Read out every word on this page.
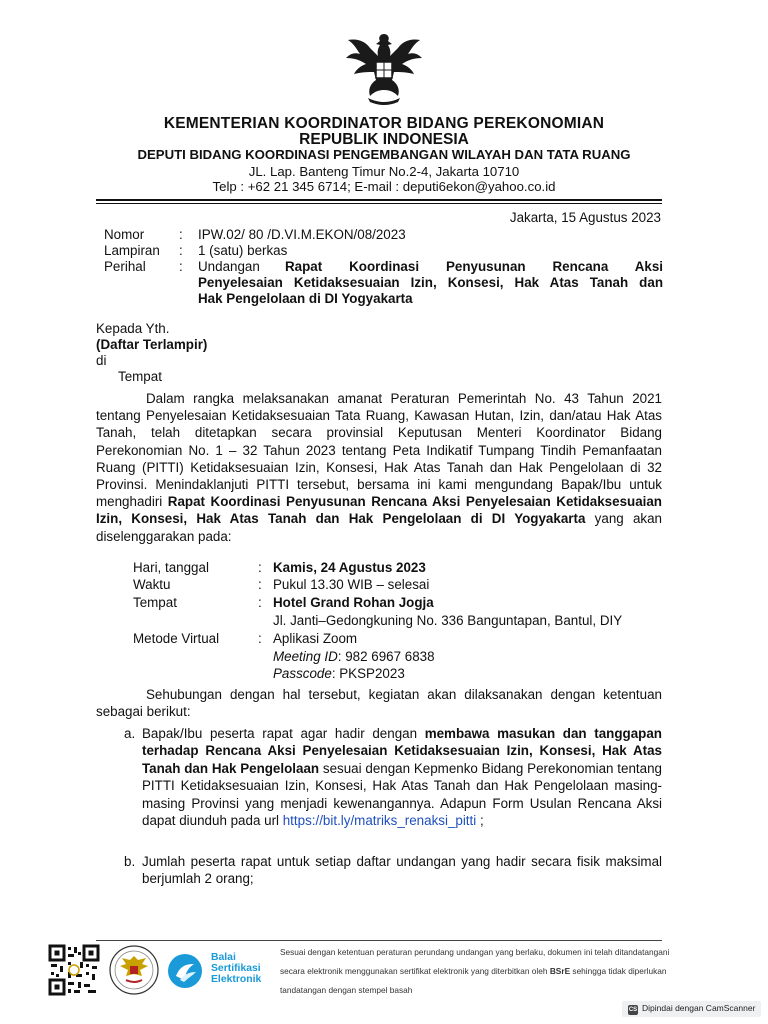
KEMENTERIAN KOORDINATOR BIDANG PEREKONOMIAN
REPUBLIK INDONESIA
DEPUTI BIDANG KOORDINASI PENGEMBANGAN WILAYAH DAN TATA RUANG
JL. Lap. Banteng Timur No.2-4, Jakarta 10710
Telp : +62 21 345 6714; E-mail : deputi6ekon@yahoo.co.id
Jakarta, 15 Agustus 2023
Nomor	: IPW.02/ 80 /D.VI.M.EKON/08/2023
Lampiran	: 1 (satu) berkas
Perihal	: Undangan Rapat Koordinasi Penyusunan Rencana Aksi
Penyelesaian Ketidaksesuaian Izin, Konsesi, Hak Atas Tanah dan
Hak Pengelolaan di DI Yogyakarta
Kepada Yth.
(Daftar Terlampir)
di
Tempat

Dalam rangka melaksanakan amanat Peraturan Pemerintah No. 43 Tahun 2021 tentang Penyelesaian Ketidaksesuaian Tata Ruang, Kawasan Hutan, Izin, dan/atau Hak Atas Tanah, telah ditetapkan secara provinsial Keputusan Menteri Koordinator Bidang Perekonomian No. 1 – 32 Tahun 2023 tentang Peta Indikatif Tumpang Tindih Pemanfaatan Ruang (PITTI) Ketidaksesuaian Izin, Konsesi, Hak Atas Tanah dan Hak Pengelolaan di 32 Provinsi. Menindaklanjuti PITTI tersebut, bersama ini kami mengundang Bapak/Ibu untuk menghadiri Rapat Koordinasi Penyusunan Rencana Aksi Penyelesaian Ketidaksesuaian Izin, Konsesi, Hak Atas Tanah dan Hak Pengelolaan di DI Yogyakarta yang akan diselenggarakan pada:

Hari, tanggal	: Kamis, 24 Agustus 2023
Waktu	: Pukul 13.30 WIB – selesai
Tempat	: Hotel Grand Rohan Jogja
Jl. Janti–Gedongkuning No. 336 Banguntapan, Bantul, DIY
Metode Virtual	: Aplikasi Zoom
Meeting ID: 982 6967 6838
Passcode: PKSP2023

Sehubungan dengan hal tersebut, kegiatan akan dilaksanakan dengan ketentuan sebagai berikut:

a. Bapak/Ibu peserta rapat agar hadir dengan membawa masukan dan tanggapan terhadap Rencana Aksi Penyelesaian Ketidaksesuaian Izin, Konsesi, Hak Atas Tanah dan Hak Pengelolaan sesuai dengan Kepmenko Bidang Perekonomian tentang PITTI Ketidaksesuaian Izin, Konsesi, Hak Atas Tanah dan Hak Pengelolaan masing-masing Provinsi yang menjadi kewenangannya. Adapun Form Usulan Rencana Aksi dapat diunduh pada url https://bit.ly/matriks_renaksi_pitti ;
b. Jumlah peserta rapat untuk setiap daftar undangan yang hadir secara fisik maksimal berjumlah 2 orang;
Balai
Sertifikasi
Elektronik
Sesuai dengan ketentuan peraturan perundang undangan yang berlaku, dokumen ini telah ditandatangani
secara elektronik menggunakan sertifikat elektronik yang diterbitkan oleh BSrE sehingga tidak diperlukan
tandatangan dengan stempel basah
CS Dipindai dengan CamScanner
